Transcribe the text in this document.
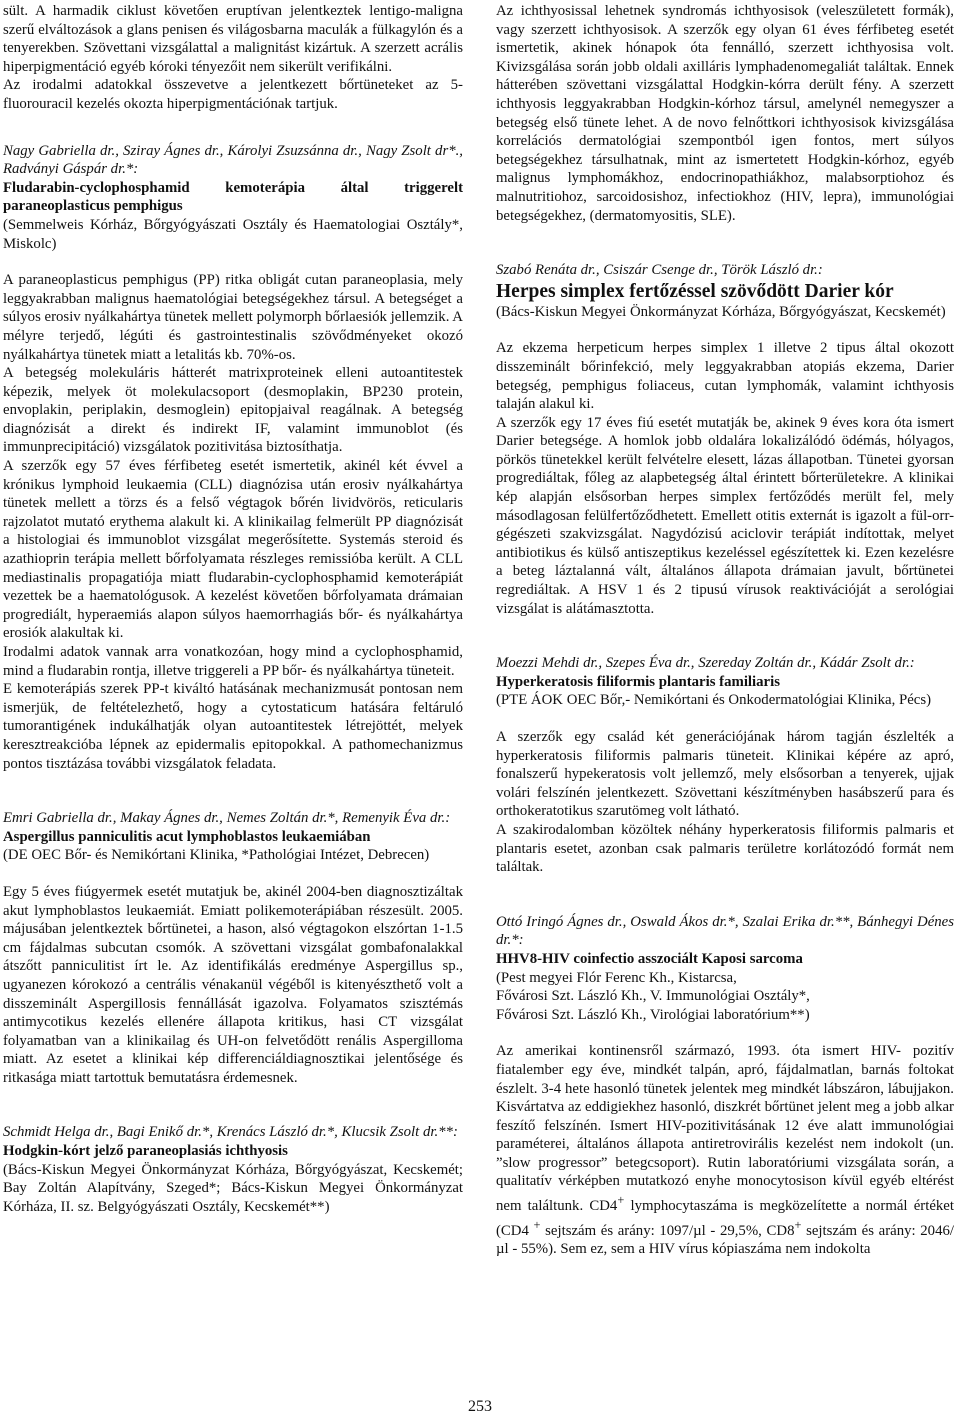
sült. A harmadik ciklust követően eruptívan jelentkeztek lentigo-maligna szerű elváltozások a glans penisen és világosbarna maculák a fülkagylón és a tenyerekben. Szövettani vizsgálattal a malignitást kizártuk. A szerzett acrális hiperpigmentáció egyéb kóroki tényezőit nem sikerült verifikálni.

Az irodalmi adatokkal összevetve a jelentkezett bőrtüneteket az 5-fluorouracil kezelés okozta hiperpigmentációnak tartjuk.

Nagy Gabriella dr., Sziray Ágnes dr., Károlyi Zsuzsánna dr., Nagy Zsolt dr*., Radványi Gáspár dr.*:

Fludarabin-cyclophosphamid kemoterápia által triggerelt paraneoplasticus pemphigus

(Semmelweis Kórház, Bőrgyógyászati Osztály és Haematologiai Osztály*, Miskolc)

A paraneoplasticus pemphigus (PP) ritka obligát cutan paraneoplasia, mely leggyakrabban malignus haematológiai betegségekhez társul. A betegséget a súlyos erosiv nyálkahártya tünetek mellett polymorph bőrlaesiók jellemzik. A mélyre terjedő, légúti és gastrointestinalis szövődményeket okozó nyálkahártya tünetek miatt a letalitás kb. 70%-os.

A betegség molekuláris hátterét matrixproteinek elleni autoantitestek képezik, melyek öt molekulacsoport (desmoplakin, BP230 protein, envoplakin, periplakin, desmoglein) epitopjaival reagálnak. A betegség diagnózisát a direkt és indirekt IF, valamint immunoblot (és immunprecipitáció) vizsgálatok pozitivitása biztosíthatja.

A szerzők egy 57 éves férfibeteg esetét ismertetik, akinél két évvel a krónikus lymphoid leukaemia (CLL) diagnózisa után erosiv nyálkahártya tünetek mellett a törzs és a felső végtagok bőrén lividvörös, reticularis rajzolatot mutató erythema alakult ki. A klinikailag felmerült PP diagnózisát a histologiai és immunoblot vizsgálat megerősítette. Systemás steroid és azathioprin terápia mellett bőrfolyamata részleges remissióba került. A CLL mediastinalis propagatiója miatt fludarabin-cyclophosphamid kemoterápiát vezettek be a haematológusok. A kezelést követően bőrfolyamata drámaian progrediált, hyperaemiás alapon súlyos haemorrhagiás bőr- és nyálkahártya erosiók alakultak ki.

Irodalmi adatok vannak arra vonatkozóan, hogy mind a cyclophosphamid, mind a fludarabin rontja, illetve triggereli a PP bőr- és nyálkahártya tüneteit.

E kemoterápiás szerek PP-t kiváltó hatásának mechanizmusát pontosan nem ismerjük, de feltételezhető, hogy a cytostaticum hatására feltáruló tumorantigének indukálhatják olyan autoantitestek létrejöttét, melyek keresztreakcióba lépnek az epidermalis epitopokkal. A pathomechanizmus pontos tisztázása további vizsgálatok feladata.

Emri Gabriella dr., Makay Ágnes dr., Nemes Zoltán dr.*, Remenyik Éva dr.:

Aspergillus panniculitis acut lymphoblastos leukaemiában

(DE OEC Bőr- és Nemikórtani Klinika, *Pathológiai Intézet, Debrecen)

Egy 5 éves fiúgyermek esetét mutatjuk be, akinél 2004-ben diagnosztizáltak akut lymphoblastos leukaemiát. Emiatt polikemoterápiában részesült. 2005. májusában jelentkeztek bőrtünetei, a hason, alsó végtagokon elszórtan 1-1.5 cm fájdalmas subcutan csomók. A szövettani vizsgálat gombafonalakkal átszőtt panniculitist írt le. Az identifikálás eredménye Aspergillus sp., ugyanezen kórokozó a centrális vénakanül végéből is kitenyészthető volt a disszeminált Aspergillosis fennállását igazolva. Folyamatos szisztémás antimycotikus kezelés ellenére állapota kritikus, hasi CT vizsgálat folyamatban van a klinikailag és UH-on felvetődött renális Aspergilloma miatt. Az esetet a klinikai kép differenciáldiagnosztikai jelentősége és ritkasága miatt tartottuk bemutatásra érdemesnek.

Schmidt Helga dr., Bagi Enikő dr.*, Krenács László dr.*, Klucsik Zsolt dr.**:

Hodgkin-kórt jelző paraneoplasiás ichthyosis

(Bács-Kiskun Megyei Önkormányzat Kórháza, Bőrgyógyászat, Kecskemét; Bay Zoltán Alapítvány, Szeged*; Bács-Kiskun Megyei Önkormányzat Kórháza, II. sz. Belgyógyászati Osztály, Kecskemét**)

Az ichthyosissal lehetnek syndromás ichthyosisok (veleszületett formák), vagy szerzett ichthyosisok. A szerzők egy olyan 61 éves férfibeteg esetét ismertetik, akinek hónapok óta fennálló, szerzett ichthyosisa volt. Kivizsgálása során jobb oldali axilláris lymphadenomegaliát találtak. Ennek hátterében szövettani vizsgálattal Hodgkin-kórra derült fény. A szerzett ichthyosis leggyakrabban Hodgkin-kórhoz társul, amelynél nemegyszer a betegség első tünete lehet. A de novo felnőttkori ichthyosisok kivizsgálása korrelációs dermatológiai szempontból igen fontos, mert súlyos betegségekhez társulhatnak, mint az ismertetett Hodgkin-kórhoz, egyéb malignus lymphomákhoz, endocrinopathiákhoz, malabsorptiohoz és malnutritiohoz, sarcoidosishoz, infectiokhoz (HIV, lepra), immunológiai betegségekhez, (dermatomyositis, SLE).

Szabó Renáta dr., Csiszár Csenge dr., Török László dr.:

Herpes simplex fertőzéssel szövődött Darier kór

(Bács-Kiskun Megyei Önkormányzat Kórháza, Bőrgyógyászat, Kecskemét)

Az ekzema herpeticum herpes simplex 1 illetve 2 tipus által okozott disszeminált bőrinfekció, mely leggyakrabban atopiás ekzema, Darier betegség, pemphigus foliaceus, cutan lymphomák, valamint ichthyosis talaján alakul ki.

A szerzők egy 17 éves fiú esetét mutatják be, akinek 9 éves kora óta ismert Darier betegsége. A homlok jobb oldalára lokalizálódó ödémás, hólyagos, pörkös tünetekkel került felvételre elesett, lázas állapotban. Tünetei gyorsan progrediáltak, főleg az alapbetegség által érintett bőrterületekre. A klinikai kép alapján elsősorban herpes simplex fertőződés merült fel, mely másodlagosan felülfertőződhetett. Emellett otitis externát is igazolt a fül-orr-gégészeti szakvizsgálat. Nagydózisú aciclovir terápiát indítottak, melyet antibiotikus és külső antiszeptikus kezeléssel egészítettek ki. Ezen kezelésre a beteg láztalanná vált, általános állapota drámaian javult, bőrtünetei regrediáltak. A HSV 1 és 2 tipusú vírusok reaktivációját a serológiai vizsgálat is alátámasztotta.

Moezzi Mehdi dr., Szepes Éva dr., Szereday Zoltán dr., Kádár Zsolt dr.:

Hyperkeratosis filiformis plantaris familiaris

(PTE ÁOK OEC Bőr,- Nemikórtani és Onkodermatológiai Klinika, Pécs)

A szerzők egy család két generációjának három tagján észlelték a hyperkeratosis filiformis palmaris tüneteit. Klinikai képére az apró, fonalszerű hypekeratosis volt jellemző, mely elsősorban a tenyerek, ujjak volári felszínén jelentkezett. Szövettani készítményben hasábszerű para és orthokeratotikus szarutömeg volt látható.

A szakirodalomban közöltek néhány hyperkeratosis filiformis palmaris et plantaris esetet, azonban csak palmaris területre korlátozódó formát nem találtak.

Ottó Iringó Ágnes dr., Oswald Ákos dr.*, Szalai Erika dr.**, Bánhegyi Dénes dr.*:

HHV8-HIV coinfectio asszociált Kaposi sarcoma

(Pest megyei Flór Ferenc Kh., Kistarcsa,

Fővárosi Szt. László Kh., V. Immunológiai Osztály*,

Fővárosi Szt. László Kh., Virológiai laboratórium**)

Az amerikai kontinensről származó, 1993. óta ismert HIV- pozitív fiatalember egy éve, mindkét talpán, apró, fájdalmatlan, barnás foltokat észlelt. 3-4 hete hasonló tünetek jelentek meg mindkét lábszáron, lábujjakon. Kisvártatva az eddigiekhez hasonló, diszkrét bőrtünet jelent meg a jobb alkar feszítő felszínén. Ismert HIV-pozitivitásának 12 éve alatt immunológiai paraméterei, általános állapota antiretrovirális kezelést nem indokolt (un. ”slow progressor” betegcsoport). Rutin laboratóriumi vizsgálata során, a qualitatív vérképben mutatkozó enyhe monocytosison kívül egyéb eltérést nem találtunk. CD4+ lymphocytaszáma is megközelítette a normál értéket (CD4 + sejtszám és arány: 1097/µl - 29,5%, CD8+ sejtszám és arány: 2046/µl - 55%). Sem ez, sem a HIV vírus kópiaszáma nem indokolta

253
